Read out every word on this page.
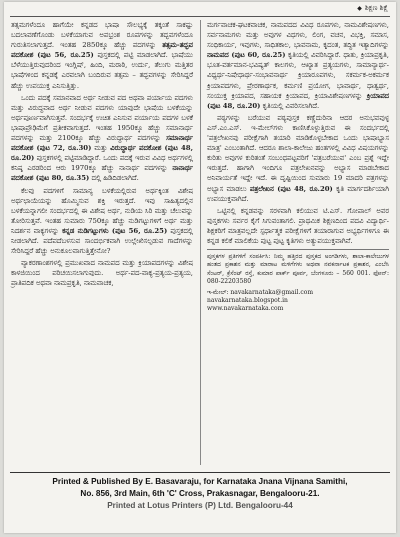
◆ ಶಿಕ್ಷಣ ಶಿಕ್ಷೆ

ತತ್ಸಮಗಳೆಂದೂ ಹಾಗೆಯೇ ಕನ್ನಡದ ಭಾಷಾ ಸೌಲಭ್ಯಕ್ಕೆ ತಕ್ಕಂತೆ ಸಾಕಷ್ಟು ಬದಲಾವಣೆಗೊಂಡು ಬಳಕೆಯಾಗುವ ಅಪಭ್ರಂಶ ರೂಪಗಳನ್ನು ತದ್ಭವಗಳೆಂದೂ ಗುರುತಿಸಲಾಗುತ್ತದೆ. ಇಂತಹ 2850ಕ್ಕೂ ಹೆಚ್ಚು ಪದಗಳನ್ನು ತತ್ಸಮ-ತದ್ಭವ ಪದಕೋಶ (ಪುಟ 56, ರೂ.25) ಪುಸ್ತಕದಲ್ಲಿ ಪಟ್ಟಿ ಮಾಡಲಾಗಿದೆ. ಭಾಷೆಯು ಬೆಳೆಯುತ್ತಿರುವುದರಿಂದ ಇಂಗ್ಲಿಷ್, ಹಿಂದಿ, ಮರಾಠಿ, ಉರ್ದು, ತೆಲುಗು ಮತ್ತಿತರ ಭಾಷೆಗಳಿಂದ ಕನ್ನಡಕ್ಕೆ ಎರವಲಾಗಿ ಬಂದಿರುವ ತತ್ಸಮ – ತದ್ಭವಗಳನ್ನು ಸೇರಿಸಿದ್ದರೆ ಹೆಚ್ಚು ಉಪಯುಕ್ತ ಎನಿಸುತ್ತಿತ್ತು.

ಒಂದು ಪದಕ್ಕೆ ಸಮಾನವಾದ ಅರ್ಥ ನೀಡುವ ಪದ ಅಥವಾ ಪರ್ಯಾಯ ಪದಗಳು ಮತ್ತು ವಿರುದ್ಧವಾದ ಅರ್ಥ ನೀಡುವ ಪದಗಳು ಯಾವುದೇ ಭಾಷೆಯ ಬಳಕೆಯನ್ನು ಅರ್ಥಪೂರ್ಣವಾಗಿಸುತ್ತವೆ. ಸಂದರ್ಭಕ್ಕೆ ಉಚಿತ ಎನಿಸುವ ಪರ್ಯಾಯ ಪದಗಳ ಬಳಕೆ ಭಾಷಾಪ್ರೌಢಿಮೆಗೆ ಪ್ರತೀಕವಾಗುತ್ತದೆ. ಇಂತಹ 1950ಕ್ಕೂ ಹೆಚ್ಚು ಸಮಾನಾರ್ಥ ಪದಗಳನ್ನು ಮತ್ತು 2100ಕ್ಕೂ ಹೆಚ್ಚು ವಿರುದ್ಧಾರ್ಥ ಪದಗಳನ್ನು ಸಮಾನಾರ್ಥ ಪದಕೋಶ (ಪುಟ 72, ರೂ.30) ಮತ್ತು ವಿರುದ್ಧಾರ್ಥ ಪದಕೋಶ (ಪುಟ 48, ರೂ.20) ಪುಸ್ತಕಗಳಲ್ಲಿ ಪಟ್ಟಿಮಾಡಿದ್ದಾರೆ. ಒಂದು ಪದಕ್ಕೆ ಇರುವ ವಿವಿಧ ಅರ್ಥಗಳಲ್ಲಿ ಕನಿಷ್ಠ ಎರಡರಿಂದ ಆರು 1970ಕ್ಕೂ ಹೆಚ್ಚು ನಾನಾರ್ಥ ಪದಗಳನ್ನು ನಾನಾರ್ಥ ಪದಕೋಶ (ಪುಟ 80, ರೂ.35) ದಲ್ಲಿ ಹಿಡಿದಿಡಲಾಗಿದೆ.

ಕೆಲವು ಪದಗಳಿಗೆ ಸಾಮಾನ್ಯ ಬಳಕೆಯಲ್ಲಿರುವ ಅರ್ಥಕ್ಕಿಂತ ವಿಶೇಷ ಅರ್ಥಛಾಯೆಯನ್ನು ಹೊಮ್ಮಿಸುವ ಶಕ್ತಿ ಇರುತ್ತದೆ. ಇವು ಸಾಹಿತ್ಯದಲ್ಲಿನ ಬಳಕೆಯನ್ನಾಗಲೀ ಸಂದರ್ಭದಲ್ಲಿ ಈ ವಿಶೇಷ ಅರ್ಥ, ನುಡಿಯ ಸಿರಿ ಮತ್ತು ಚೆಲುವನ್ನು ತೋರಿಸುತ್ತವೆ. ಇಂತಹ ಸುಮಾರು 750ಕ್ಕೂ ಹೆಚ್ಚು ನುಡಿಗಟ್ಟುಗಳಿಗೆ ಅರ್ಥ ಮತ್ತು ನಿದರ್ಶನ ವಾಕ್ಯಗಳನ್ನು ಕನ್ನಡ ನುಡಿಗಟ್ಟುಗಳು (ಪುಟ 56, ರೂ.25) ಪುಸ್ತಕದಲ್ಲಿ ನೀಡಲಾಗಿದೆ. ಪದೆಪದೆಬಳಸುವ ಸಾಂದರ್ಭಿಕವಾಗಿ ಉಲ್ಲೇಖಿಸಲ್ಪಡುವ ಗಾದೆಗಳನ್ನು ಸೇರಿಸಿದ್ದರೆ ಹೆಚ್ಚು ಅನುಕೂಲವಾಗುತ್ತಿತ್ತೇನೋ?

ವ್ಯಾಕರಣಾಂಶಗಳಲ್ಲಿ ಪ್ರಮುಖವಾದ ನಾಮಪದ ಮತ್ತು ಕ್ರಿಯಾಪದಗಳನ್ನು ವಿಶೇಷ ಕಾಳಜಿಯಿಂದ ಪರಿಚಯಿಸಲಾಗುವುದು. ಅರ್ಥ-ಪದ-ವಾಕ್ಯ-ಪ್ರತ್ಯಯ-ಪ್ರತ್ಯಯ, ಪ್ರಾತಿಪದಿಕ ಅಥವಾ ನಾಮಪ್ರಕೃತಿ, ನಾಮವಾಚಕ,

ಮರ್ಗವಾಚಕ-ಘಟಕವಾಚಕ, ನಾಮಪದದ ವಿವಿಧ ರೂಪಗಳು, ನಾಮವಿಶೇಷಣಗಳು, ಸರ್ವನಾಮಗಳು ಮತ್ತು ಅವುಗಳ ವಿಧಗಳು, ಲಿಂಗ, ವಚನ, ವಿಭಕ್ತಿ, ಸಮಾಸ, ಸಂಧಿಕಾರ್ಯ, ಇವುಗಳು, ಸಾಧಿತಕಾಲ, ಭಾವನಾಮ, ಕೃದಂತ, ತದ್ಧಿತ ಇತ್ಯಾದಿಗಳನ್ನು ನಾಮಪದ (ಪುಟ 60, ರೂ.25) ಕೃತಿಯಲ್ಲಿ ವಿವರಿಸಿದ್ದಾರೆ. ಧಾತು, ಕ್ರಿಯಾಪ್ರಕೃತಿ, ಭೂತ-ವರ್ತಮಾನ-ಭವಿಷ್ಯತ್ ಕಾಲಗಳು, ಆಖ್ಯಾತ ಪ್ರತ್ಯಯಗಳು, ಸಾಮಾನ್ಯಾರ್ಥ-ವಿಧ್ಯರ್ಥ-ನಿಷೇಧಾರ್ಥ-ಸಂಭಾವನಾರ್ಥ ಕ್ರಿಯಾರೂಪಗಳು, ಸಕರ್ಮಕ-ಅಕರ್ಮಕ ಕ್ರಿಯಾಪದಗಳು, ಪ್ರೇರಣಾರ್ಥಕ, ಕರ್ಮಣಿ ಪ್ರಯೋಗ, ಭಾವಾರ್ಥ, ಧಾತ್ವರ್ಥ, ಸಂಯುಕ್ತ ಕ್ರಿಯಾಪದ, ಸಹಾಯಕ ಕ್ರಿಯಾಪದ, ಕ್ರಿಯಾವಿಶೇಷಣಗಳನ್ನು ಕ್ರಿಯಾಪದ (ಪುಟ 48, ರೂ.20) ಕೃತಿಯಲ್ಲಿ ವಿವರಿಸಲಾಗಿದೆ.

ಪಠ್ಯಗಳನ್ನು ಬರೆಯುವ ಪಠ್ಯಪುಸ್ತಕ ಕಣ್ಣೆದುರಿನಾ ಆದರ ಅನುಭವವುಳ್ಳ ಎಸ್.ಎಂ.ಎಸ್. ಇ-ಮೇಲ್‌ಗಳು ಕಾಣಿಸಿಕೊಳ್ಳುತ್ತಿರುವ ಈ ಸಂದರ್ಭದಲ್ಲಿ 'ಪತ್ರಲೇಖನವು ಪರೀಕ್ಷೆಗಾಗಿ ತಯಾರಿ ಮಾಡಿಕೊಳ್ಳಬೇಕಾದ ಒಂದು ಭಾಷಾಭ್ಯಾಸ ಮಾತ್ರ' ಎಂಬಂತಾಗಿದೆ. ಆದರೂ ಶಾಲಾ-ಕಾಲೇಜು ಹಂತಗಳಲ್ಲಿ ವಿವಿಧ ವಿಷಯಗಳನ್ನು ಕುರಿತು ಅವುಗಳ ಕುರಿತಂತೆ ಸಂಬಂಧಪಟ್ಟವರಿಗೆ 'ಪತ್ರಬರೆಯುವ' ಎಂಬ ಪ್ರಶ್ನೆ ಇದ್ದೇ ಇರುತ್ತದೆ. ಹಾಗಾಗಿ ಇಂದಿಗೂ ಪತ್ರಲೇಖನವನ್ನು ಅಭ್ಯಾಸ ಮಾಡಬೇಕಾದ ಅನಿವಾರ್ಯತೆ ಇದ್ದೇ ಇದೆ. ಈ ದೃಷ್ಟಿಯಿಂದ ಸುಮಾರು 19 ಮಾದರಿ ಪತ್ರಗಳನ್ನು ಅಭ್ಯಾಸ ಮಾಡಲು ಪತ್ರಲೇಖನ (ಪುಟ 48, ರೂ.20) ಕೃತಿ ಮಾರ್ಗದರ್ಶಿಯಾಗಿ ಉಪಯುಕ್ತವಾಗಿದೆ.

ಒಟ್ಟಿನಲ್ಲಿ ಕನ್ನಡವನ್ನು ಸರಳವಾಗಿ ಕಲಿಯುವ ಟಿ.ಎಸ್. ಗೋಪಾಲ್ ಅವರ ಪುಸ್ತಕಗಳು ಸರ್ವರ ಕೈಗೆ ಸಿಗುವಂತಾಗಲಿ. ಪ್ರಾಥಮಿಕ ಶಿಕ್ಷಣದಿಂದ ಪದವಿ ವಿದ್ಯಾರ್ಥಿ-ಶಿಕ್ಷಕರಿಗೆ ಮಾತ್ರವಲ್ಲದೇ ಸ್ಪರ್ಧಾತ್ಮಕ ಪರೀಕ್ಷೆಗಳಿಗೆ ತಯಾರಾಗುವ ಅಭ್ಯರ್ಥಿಗಳಿಗೂ ಈ ಕನ್ನಡ ಕಲಿಕೆ ಮಾಲಿಕೆಯ ಪುಟ್ಟ ಪುಟ್ಟ ಕೃತಿಗಳು ಅತ್ಯುಪಯುಕ್ತವಾಗಿವೆ.

ಪುಸ್ತಕಗಳ ಪ್ರತಿಗಳಿಗೆ ಸಂಪರ್ಕಿಸಿ: ನಿಮ್ಮ ಹತ್ತಿರದ ಪುಸ್ತಕದ ಅಂಗಡಿಗಳು, ಶಾಲಾ-ಕಾಲೇಜುಗಳ ಹಂತದ ಪ್ರಕಾಶನ ಮತ್ತು ಮಾರಾಟ ಮಳಿಗೆಗಳು ಅಥವಾ ನವಕರ್ನಾಟಕ ಪ್ರಕಾಶನ, ಎಂಬೆಸಿ ಸೆಂಟರ್, ಕ್ರೆಸೆಂಟ್ ರಸ್ತೆ, ಕುಮಾರ ಪಾರ್ಕ್ ಪೂರ್ವ, ಬೆಂಗಳೂರು – 560 001. ಫೋನ್: 080-22203580

ಇ-ಮೇಲ್: navakarnataka@gmail.com
navakarnataka.blogspot.in
www.navakarnataka.com
Printed & Published By E. Basavaraju, for Karnataka Jnana Vijnana Samithi,
No. 856, 3rd Main, 6th 'C' Cross, Prakasnagar, Bengalooru-21.
Printed at Lotus Printers (P) Ltd. Bengalooru-44
